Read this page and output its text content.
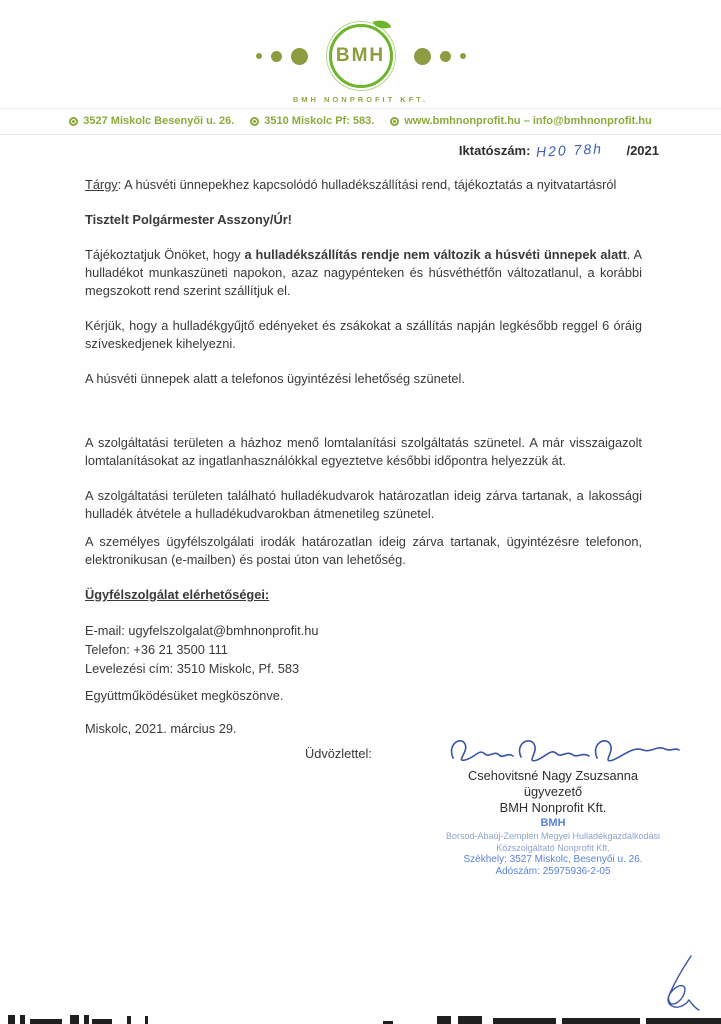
BMH
BMH NONPROFIT KFT.
3527 Miskolc Besenyői u. 26.	3510 Miskolc Pf: 583.	www.bmhnonprofit.hu – info@bmhnonprofit.hu
Iktatószám: H20 78h /2021

Tárgy: A húsvéti ünnepekhez kapcsolódó hulladékszállítási rend, tájékoztatás a nyitvatartásról

Tisztelt Polgármester Asszony/Úr!

Tájékoztatjuk Önöket, hogy a hulladékszállítás rendje nem változik a húsvéti ünnepek alatt. A hulladékot munkaszüneti napokon, azaz nagypénteken és húsvéthétfőn változatlanul, a korábbi megszokott rend szerint szállítjuk el.

Kérjük, hogy a hulladékgyűjtő edényeket és zsákokat a szállítás napján legkésőbb reggel 6 óráig szíveskedjenek kihelyezni.

A húsvéti ünnepek alatt a telefonos ügyintézési lehetőség szünetel.

A szolgáltatási területen a házhoz menő lomtalanítási szolgáltatás szünetel. A már visszaigazolt lomtalanításokat az ingatlanhasználókkal egyeztetve későbbi időpontra helyezzük át.

A szolgáltatási területen található hulladékudvarok határozatlan ideig zárva tartanak, a lakossági hulladék átvétele a hulladékudvarokban átmenetileg szünetel.

A személyes ügyfélszolgálati irodák határozatlan ideig zárva tartanak, ügyintézésre telefonon, elektronikusan (e-mailben) és postai úton van lehetőség.

Ügyfélszolgálat elérhetőségei:

E-mail: ugyfelszolgalat@bmhnonprofit.hu

Telefon: +36 21 3500 111

Levelezési cím: 3510 Miskolc, Pf. 583

Együttműködésüket megköszönve.

Miskolc, 2021. március 29.

Üdvözlettel:

Csehovitsné Nagy Zsuzsanna
ügyvezető
BMH Nonprofit Kft.
BMH
Borsod-Abaúj-Zemplén Megyei Hulladékgazdálkodási
Közszolgáltató Nonprofit Kft.
Székhely: 3527 Miskolc, Besenyői u. 26.
Adószám: 25975936-2-05
